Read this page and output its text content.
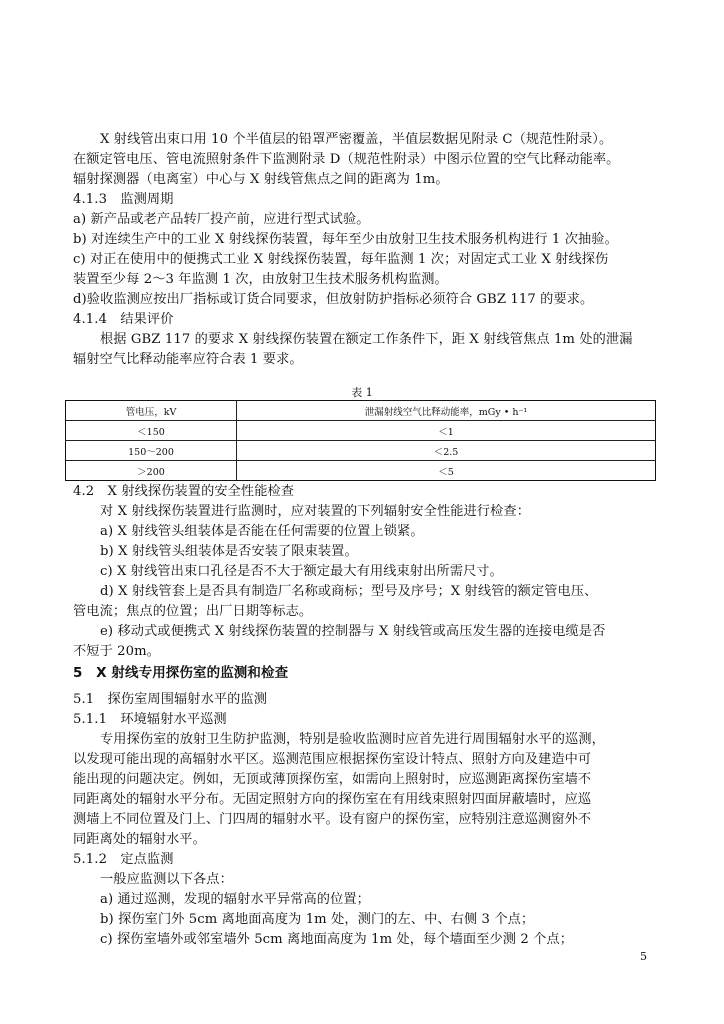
X 射线管出束口用 10 个半值层的铅罩严密覆盖，半值层数据见附录 C（规范性附录）。
在额定管电压、管电流照射条件下监测附录 D（规范性附录）中图示位置的空气比释动能率。
辐射探测器（电离室）中心与 X 射线管焦点之间的距离为 1m。
4.1.3　监测周期
a) 新产品或老产品转厂投产前，应进行型式试验。
b) 对连续生产中的工业 X 射线探伤装置，每年至少由放射卫生技术服务机构进行 1 次抽验。
c) 对正在使用中的便携式工业 X 射线探伤装置，每年监测 1 次；对固定式工业 X 射线探伤
装置至少每 2～3 年监测 1 次，由放射卫生技术服务机构监测。
d)验收监测应按出厂指标或订货合同要求，但放射防护指标必须符合 GBZ 117 的要求。
4.1.4　结果评价
根据 GBZ 117 的要求 X 射线探伤装置在额定工作条件下，距 X 射线管焦点 1m 处的泄漏
辐射空气比释动能率应符合表 1 要求。
表 1
管电压，kV	泄漏射线空气比释动能率，mGy • h⁻¹
＜150	＜1
150～200	＜2.5
＞200	＜5
4.2　X 射线探伤装置的安全性能检查
对 X 射线探伤装置进行监测时，应对装置的下列辐射安全性能进行检查：
a) X 射线管头组装体是否能在任何需要的位置上锁紧。
b) X 射线管头组装体是否安装了限束装置。
c) X 射线管出束口孔径是否不大于额定最大有用线束射出所需尺寸。
d) X 射线管套上是否具有制造厂名称或商标；型号及序号；X 射线管的额定管电压、
管电流；焦点的位置；出厂日期等标志。
e) 移动式或便携式 X 射线探伤装置的控制器与 X 射线管或高压发生器的连接电缆是否
不短于 20m。
5　X 射线专用探伤室的监测和检查
5.1　探伤室周围辐射水平的监测
5.1.1　环境辐射水平巡测
专用探伤室的放射卫生防护监测，特别是验收监测时应首先进行周围辐射水平的巡测，
以发现可能出现的高辐射水平区。巡测范围应根据探伤室设计特点、照射方向及建造中可
能出现的问题决定。例如，无顶或薄顶探伤室，如需向上照射时，应巡测距离探伤室墙不
同距离处的辐射水平分布。无固定照射方向的探伤室在有用线束照射四面屏蔽墙时，应巡
测墙上不同位置及门上、门四周的辐射水平。设有窗户的探伤室，应特别注意巡测窗外不
同距离处的辐射水平。
5.1.2　定点监测
一般应监测以下各点：
a) 通过巡测，发现的辐射水平异常高的位置；
b) 探伤室门外 5cm 离地面高度为 1m 处，测门的左、中、右侧 3 个点；
c) 探伤室墙外或邻室墙外 5cm 离地面高度为 1m 处，每个墙面至少测 2 个点；
5
